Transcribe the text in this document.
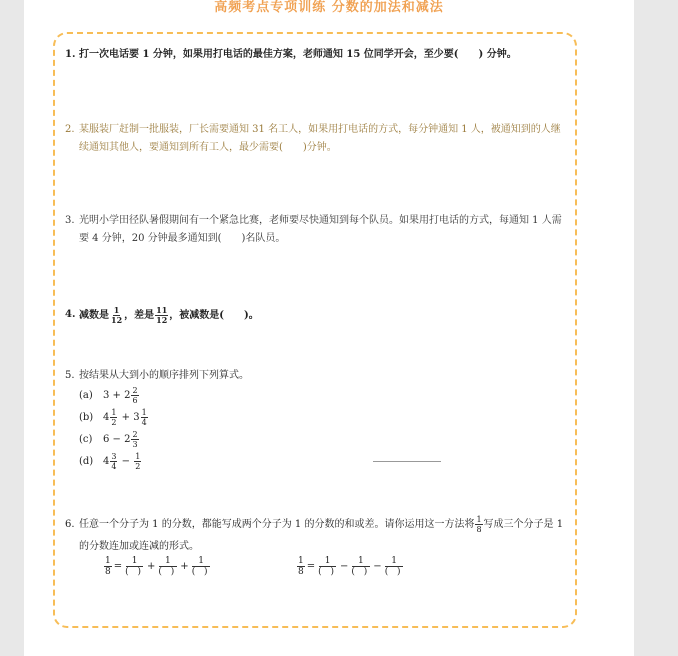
高频考点专项训练 分数的加法和减法
1. 打一次电话要 1 分钟，如果用打电话的最佳方案，老师通知 15 位同学开会，至少要(　　) 分钟。
2. 某服装厂赶制一批服装，厂长需要通知 31 名工人，如果用打电话的方式，每分钟通知 1 人，被通知到的人继续通知其他人，要通知到所有工人，最少需要(　　)分钟。
3. 光明小学田径队暑假期间有一个紧急比赛，老师要尽快通知到每个队员。如果用打电话的方式，每通知 1 人需要 4 分钟，20 分钟最多通知到(　　)名队员。
4. 减数是 $\frac{1}{12}$ ，差是 $\frac{11}{12}$ ，被减数是(　　)。
5. 按结果从大到小的顺序排列下列算式。
(a) $3 + 2 \frac{2}{6}$
(b) $4 \frac{1}{2} + 3 \frac{1}{4}$
(c) $6 - 2 \frac{2}{3}$
(d) $4 \frac{3}{4} - \frac{1}{2}$
6. 任意一个分子为 1 的分数，都能写成两个分子为 1 的分数的和或差。请你运用这一方法将 $\frac{1}{8}$ 写成三个分子是 1 的分数连加或连减的形式。
$\frac{1}{8} = \frac{1}{( )} + \frac{1}{( )} + \frac{1}{( )}$	$\frac{1}{8} = \frac{1}{( )} - \frac{1}{( )} - \frac{1}{( )}$
